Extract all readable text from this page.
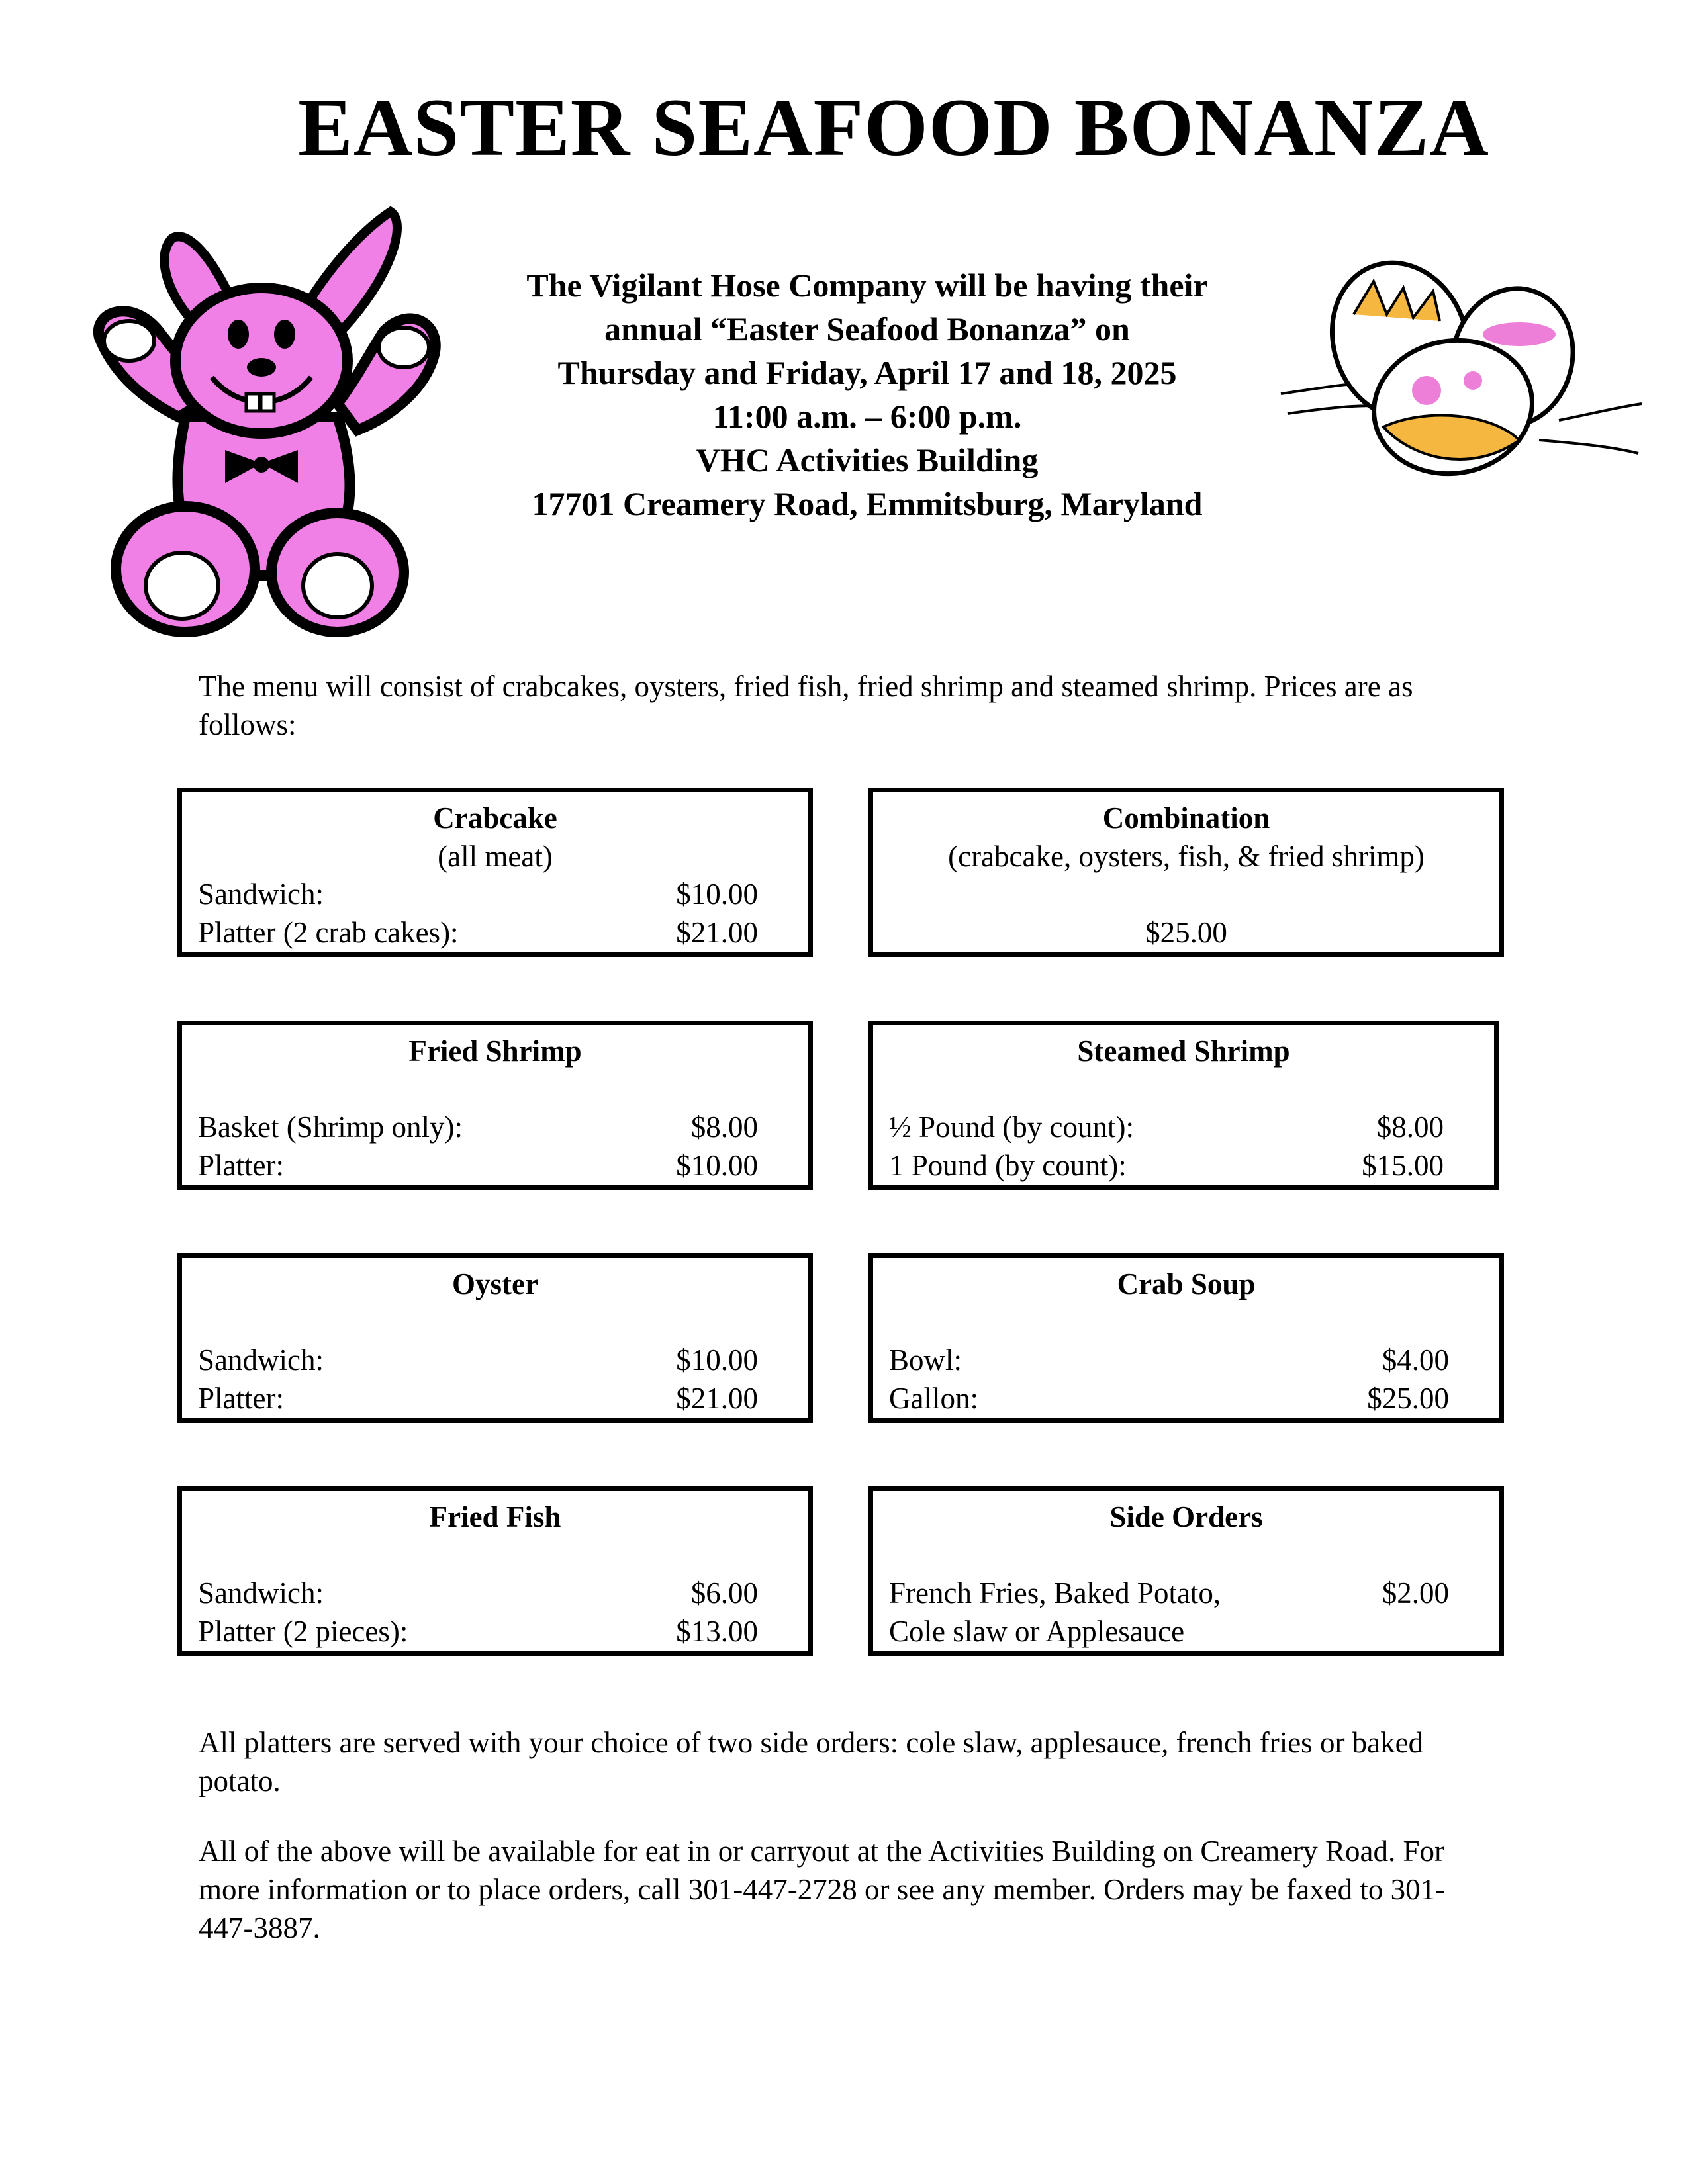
EASTER SEAFOOD BONANZA
The Vigilant Hose Company will be having their
annual “Easter Seafood Bonanza” on
Thursday and Friday, April 17 and 18, 2025
11:00 a.m. – 6:00 p.m.
VHC Activities Building
17701 Creamery Road, Emmitsburg, Maryland
The menu will consist of crabcakes, oysters, fried fish, fried shrimp and steamed shrimp. Prices are as follows:
Crabcake
(all meat)
Sandwich:	$10.00
Platter (2 crab cakes):	$21.00
Combination
(crabcake, oysters, fish, & fried shrimp)
$25.00
Fried Shrimp
Basket (Shrimp only):	$8.00
Platter:	$10.00
Steamed Shrimp
½ Pound (by count):	$8.00
1 Pound (by count):	$15.00
Oyster
Sandwich:	$10.00
Platter:	$21.00
Crab Soup
Bowl:	$4.00
Gallon:	$25.00
Fried Fish
Sandwich:	$6.00
Platter (2 pieces):	$13.00
Side Orders
French Fries, Baked Potato,	$2.00
Cole slaw or Applesauce
All platters are served with your choice of two side orders: cole slaw, applesauce, french fries or baked potato.
All of the above will be available for eat in or carryout at the Activities Building on Creamery Road. For more information or to place orders, call 301-447-2728 or see any member. Orders may be faxed to 301-447-3887.
